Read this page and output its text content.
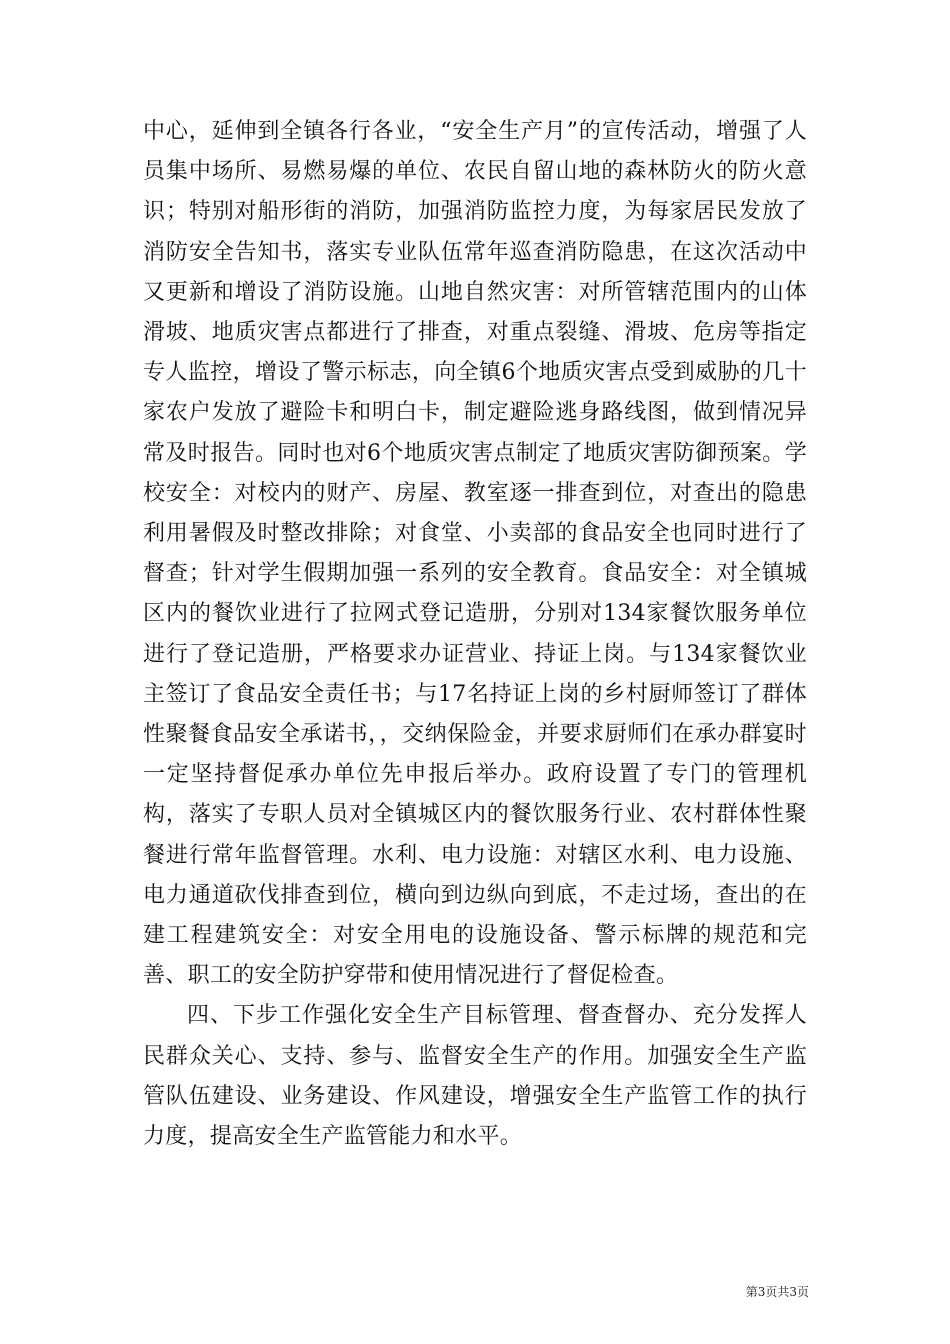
中心，延伸到全镇各行各业，“安全生产月”的宣传活动，增强了人员集中场所、易燃易爆的单位、农民自留山地的森林防火的防火意识；特别对船形街的消防，加强消防监控力度，为每家居民发放了消防安全告知书，落实专业队伍常年巡查消防隐患，在这次活动中又更新和增设了消防设施。山地自然灾害：对所管辖范围内的山体滑坡、地质灾害点都进行了排查，对重点裂缝、滑坡、危房等指定专人监控，增设了警示标志，向全镇6个地质灾害点受到威胁的几十家农户发放了避险卡和明白卡，制定避险逃身路线图，做到情况异常及时报告。同时也对6个地质灾害点制定了地质灾害防御预案。学校安全：对校内的财产、房屋、教室逐一排查到位，对查出的隐患利用暑假及时整改排除；对食堂、小卖部的食品安全也同时进行了督查；针对学生假期加强一系列的安全教育。食品安全：对全镇城区内的餐饮业进行了拉网式登记造册，分别对134家餐饮服务单位进行了登记造册，严格要求办证营业、持证上岗。与134家餐饮业主签订了食品安全责任书；与17名持证上岗的乡村厨师签订了群体性聚餐食品安全承诺书，，交纳保险金，并要求厨师们在承办群宴时一定坚持督促承办单位先申报后举办。政府设置了专门的管理机构，落实了专职人员对全镇城区内的餐饮服务行业、农村群体性聚餐进行常年监督管理。水利、电力设施：对辖区水利、电力设施、电力通道砍伐排查到位，横向到边纵向到底，不走过场，查出的在建工程建筑安全：对安全用电的设施设备、警示标牌的规范和完善、职工的安全防护穿带和使用情况进行了督促检查。

四、下步工作强化安全生产目标管理、督查督办、充分发挥人民群众关心、支持、参与、监督安全生产的作用。加强安全生产监管队伍建设、业务建设、作风建设，增强安全生产监管工作的执行力度，提高安全生产监管能力和水平。

第3页共3页
